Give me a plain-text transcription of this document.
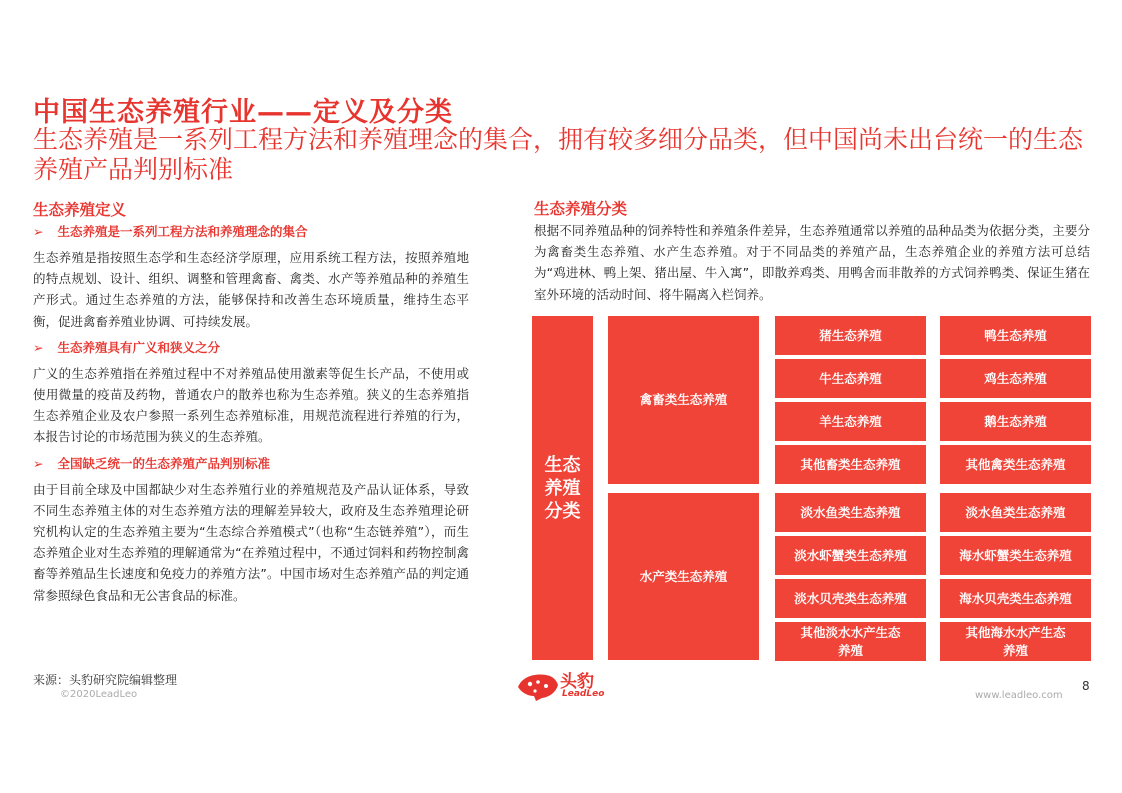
中国生态养殖行业——定义及分类
生态养殖是一系列工程方法和养殖理念的集合，拥有较多细分品类，但中国尚未出台统一的生态养殖产品判别标准
生态养殖定义
➢ 生态养殖是一系列工程方法和养殖理念的集合
生态养殖是指按照生态学和生态经济学原理，应用系统工程方法，按照养殖地的特点规划、设计、组织、调整和管理禽畜、禽类、水产等养殖品种的养殖生产形式。通过生态养殖的方法，能够保持和改善生态环境质量，维持生态平衡，促进禽畜养殖业协调、可持续发展。
➢ 生态养殖具有广义和狭义之分
广义的生态养殖指在养殖过程中不对养殖品使用激素等促生长产品，不使用或使用微量的疫苗及药物，普通农户的散养也称为生态养殖。狭义的生态养殖指生态养殖企业及农户参照一系列生态养殖标准，用规范流程进行养殖的行为，本报告讨论的市场范围为狭义的生态养殖。
➢ 全国缺乏统一的生态养殖产品判别标准
由于目前全球及中国都缺少对生态养殖行业的养殖规范及产品认证体系，导致不同生态养殖主体的对生态养殖方法的理解差异较大，政府及生态养殖理论研究机构认定的生态养殖主要为“生态综合养殖模式”（也称“生态链养殖”），而生态养殖企业对生态养殖的理解通常为“在养殖过程中，不通过饲料和药物控制禽畜等养殖品生长速度和免疫力的养殖方法”。中国市场对生态养殖产品的判定通常参照绿色食品和无公害食品的标准。
生态养殖分类
根据不同养殖品种的饲养特性和养殖条件差异，生态养殖通常以养殖的品种品类为依据分类，主要分为禽畜类生态养殖、水产生态养殖。对于不同品类的养殖产品，生态养殖企业的养殖方法可总结为“鸡进林、鸭上架、猪出屋、牛入寓”，即散养鸡类、用鸭舍而非散养的方式饲养鸭类、保证生猪在室外环境的活动时间、将牛隔离入栏饲养。
生态养殖分类
禽畜类生态养殖
水产类生态养殖
猪生态养殖
牛生态养殖
羊生态养殖
其他畜类生态养殖
鸭生态养殖
鸡生态养殖
鹅生态养殖
其他禽类生态养殖
淡水鱼类生态养殖
淡水虾蟹类生态养殖
淡水贝壳类生态养殖
其他淡水水产生态养殖
淡水鱼类生态养殖
海水虾蟹类生态养殖
海水贝壳类生态养殖
其他海水水产生态养殖
来源：头豹研究院编辑整理
©2020LeadLeo
头豹
LeadLeo	www.leadleo.com
8
